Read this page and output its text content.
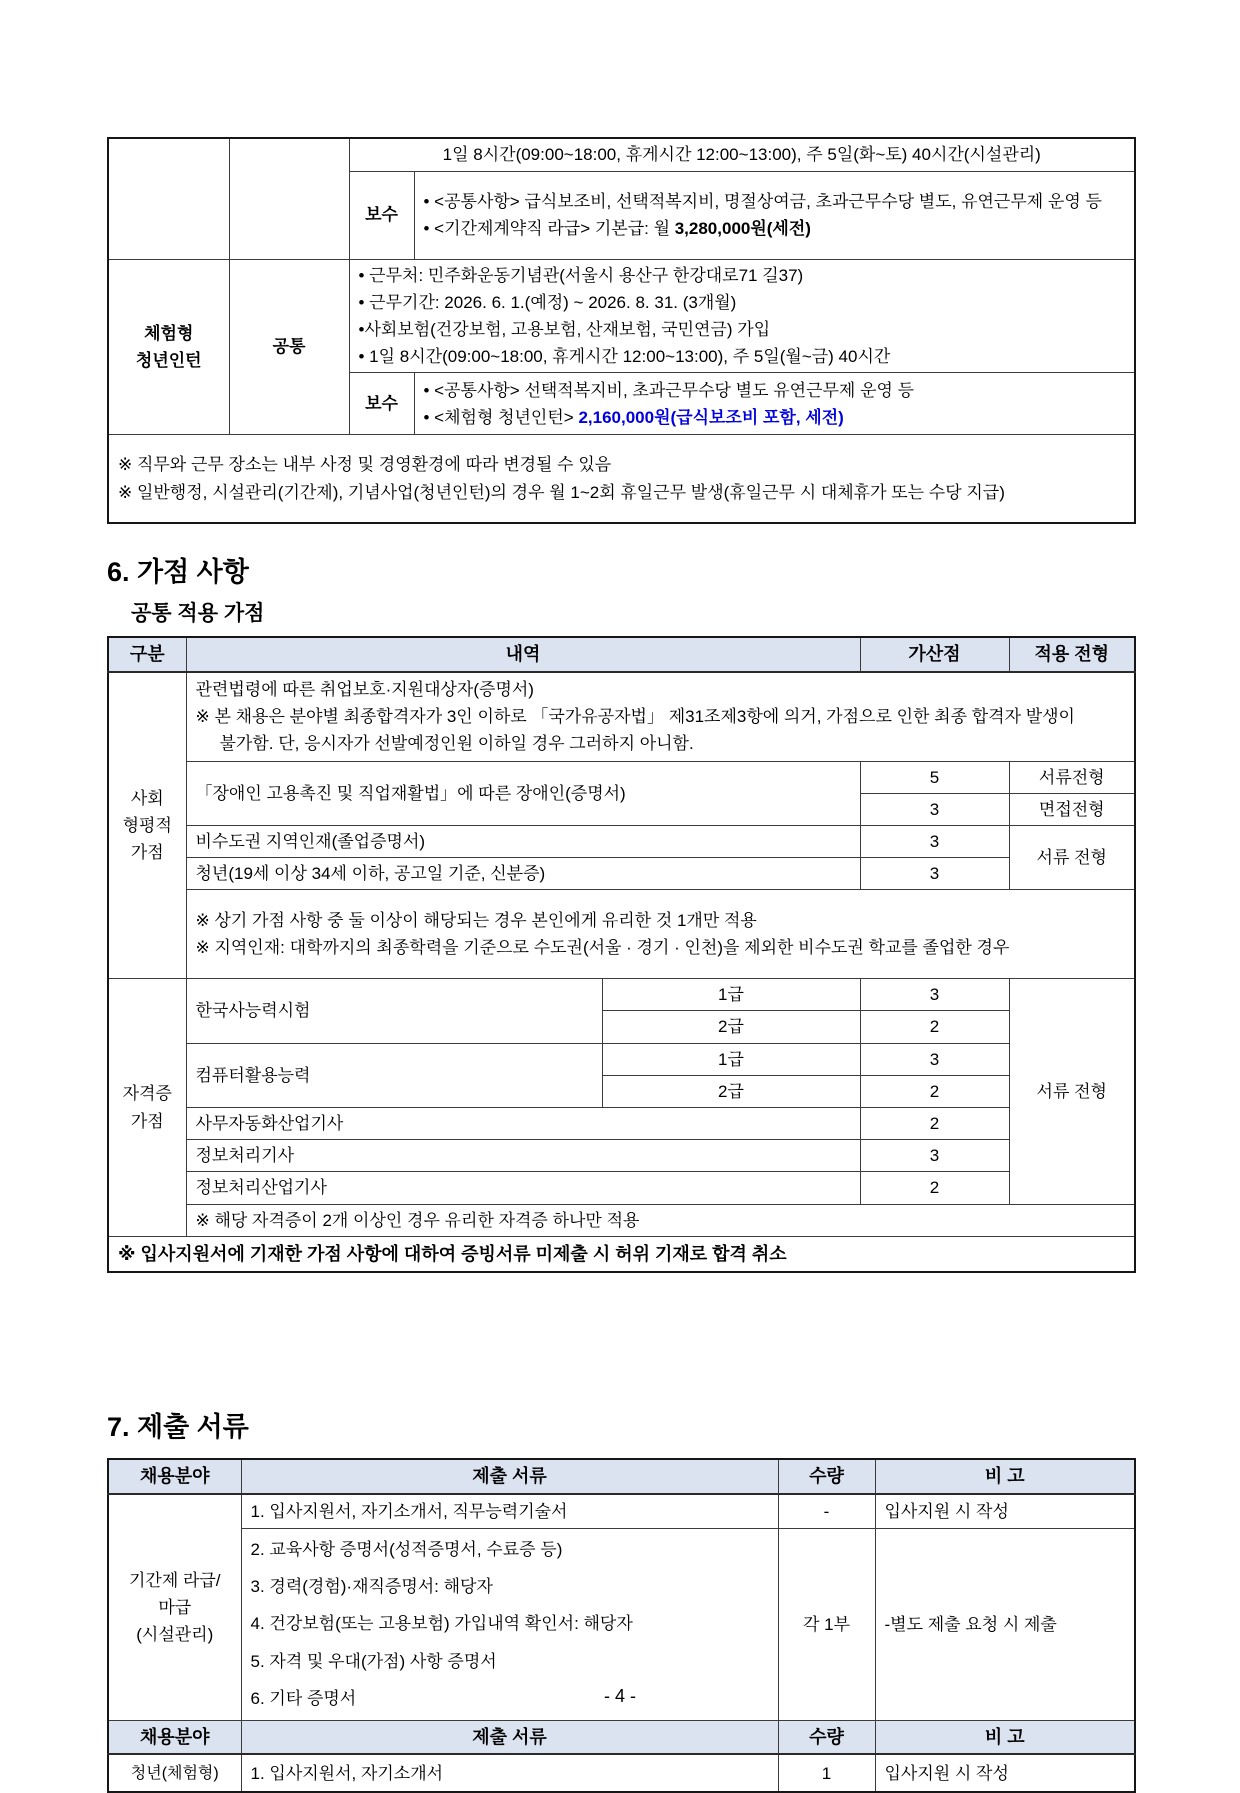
		1일 8시간(09:00~18:00, 휴게시간 12:00~13:00), 주 5일(화~토) 40시간(시설관리)	
		보수	• <공통사항> 급식보조비, 선택적복지비, 명절상여금, 초과근무수당 별도, 유연근무제 운영 등
• <기간제계약직 라급> 기본급: 월 3,280,000원(세전)

체험형 청년인턴	공통	• 근무처: 민주화운동기념관(서울시 용산구 한강대로71 길37)
• 근무기간: 2026. 6. 1.(예정) ~ 2026. 8. 31. (3개월)
•사회보험(건강보험, 고용보험, 산재보험, 국민연금) 가입
• 1일 8시간(09:00~18:00, 휴게시간 12:00~13:00), 주 5일(월~금) 40시간	

		보수	• <공통사항> 선택적복지비, 초과근무수당 별도 유연근무제 운영 등
• <체험형 청년인턴> 2,160,000원(급식보조비 포함, 세전)

※ 직무와 근무 장소는 내부 사정 및 경영환경에 따라 변경될 수 있음
※ 일반행정, 시설관리(기간제), 기념사업(청년인턴)의 경우 월 1~2회 휴일근무 발생(휴일근무 시 대체휴가 또는 수당 지급)			
6. 가점 사항
공통 적용 가점
구분	내역		가산점	적용 전형
사회 형평적 가점	관련법령에 따른 취업보호·지원대상자(증명서)
※ 본 채용은 분야별 최종합격자가 3인 이하로 「국가유공자법」 제31조제3항에 의거, 가점으로 인한 최종 합격자 발생이 불가함. 단, 응시자가 선발예정인원 이하일 경우 그러하지 아니함.			

	「장애인 고용촉진 및 직업재활법」에 따른 장애인(증명서)		5	서류전형
			3	면접전형
	비수도권 지역인재(졸업증명서)		3	서류 전형
	청년(19세 이상 34세 이하, 공고일 기준, 신분증)		3	

	※ 상기 가점 사항 중 둘 이상이 해당되는 경우 본인에게 유리한 것 1개만 적용
※ 지역인재: 대학까지의 최종학력을 기준으로 수도권(서울 · 경기 · 인천)을 제외한 비수도권 학교를 졸업한 경우			

자격증 가점	한국사능력시험	1급	3	서류 전형
		2급	2	
	컴퓨터활용능력	1급	3	
		2급	2	
	사무자동화산업기사		2	
	정보처리기사		3	
	정보처리산업기사		2	
	※ 해당 자격증이 2개 이상인 경우 유리한 자격증 하나만 적용			
※ 입사지원서에 기재한 가점 사항에 대하여 증빙서류 미제출 시 허위 기재로 합격 취소				
7. 제출 서류
채용분야	제출 서류	수량	비 고
기간제 라급/마급 (시설관리)	1. 입사지원서, 자기소개서, 직무능력기술서	-	입사지원 시 작성

	2. 교육사항 증명서(성적증명서, 수료증 등)
3. 경력(경험)·재직증명서: 해당자
4. 건강보험(또는 고용보험) 가입내역 확인서: 해당자
5. 자격 및 우대(가점) 사항 증명서
6. 기타 증명서	각 1부	-별도 제출 요청 시 제출
채용분야	제출 서류	수량	비 고
청년(체험형)	1. 입사지원서, 자기소개서	1	입사지원 시 작성
- 4 -
